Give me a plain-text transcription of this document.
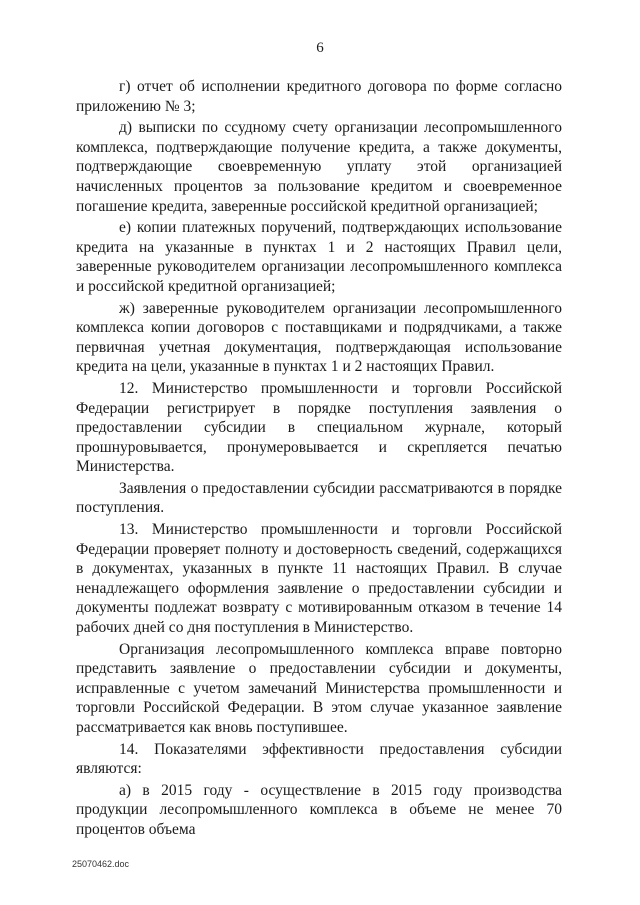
6

г) отчет об исполнении кредитного договора по форме согласно приложению № 3;

д) выписки по ссудному счету организации лесопромышленного комплекса, подтверждающие получение кредита, а также документы, подтверждающие своевременную уплату этой организацией начисленных процентов за пользование кредитом и своевременное погашение кредита, заверенные российской кредитной организацией;

е) копии платежных поручений, подтверждающих использование кредита на указанные в пунктах 1 и 2 настоящих Правил цели, заверенные руководителем организации лесопромышленного комплекса и российской кредитной организацией;

ж) заверенные руководителем организации лесопромышленного комплекса копии договоров с поставщиками и подрядчиками, а также первичная учетная документация, подтверждающая использование кредита на цели, указанные в пунктах 1 и 2 настоящих Правил.

12. Министерство промышленности и торговли Российской Федерации регистрирует в порядке поступления заявления о предоставлении субсидии в специальном журнале, который прошнуровывается, пронумеровывается и скрепляется печатью Министерства.

Заявления о предоставлении субсидии рассматриваются в порядке поступления.

13. Министерство промышленности и торговли Российской Федерации проверяет полноту и достоверность сведений, содержащихся в документах, указанных в пункте 11 настоящих Правил. В случае ненадлежащего оформления заявление о предоставлении субсидии и документы подлежат возврату с мотивированным отказом в течение 14 рабочих дней со дня поступления в Министерство.

Организация лесопромышленного комплекса вправе повторно представить заявление о предоставлении субсидии и документы, исправленные с учетом замечаний Министерства промышленности и торговли Российской Федерации. В этом случае указанное заявление рассматривается как вновь поступившее.

14. Показателями эффективности предоставления субсидии являются:

а) в 2015 году - осуществление в 2015 году производства продукции лесопромышленного комплекса в объеме не менее 70 процентов объема

25070462.doc
